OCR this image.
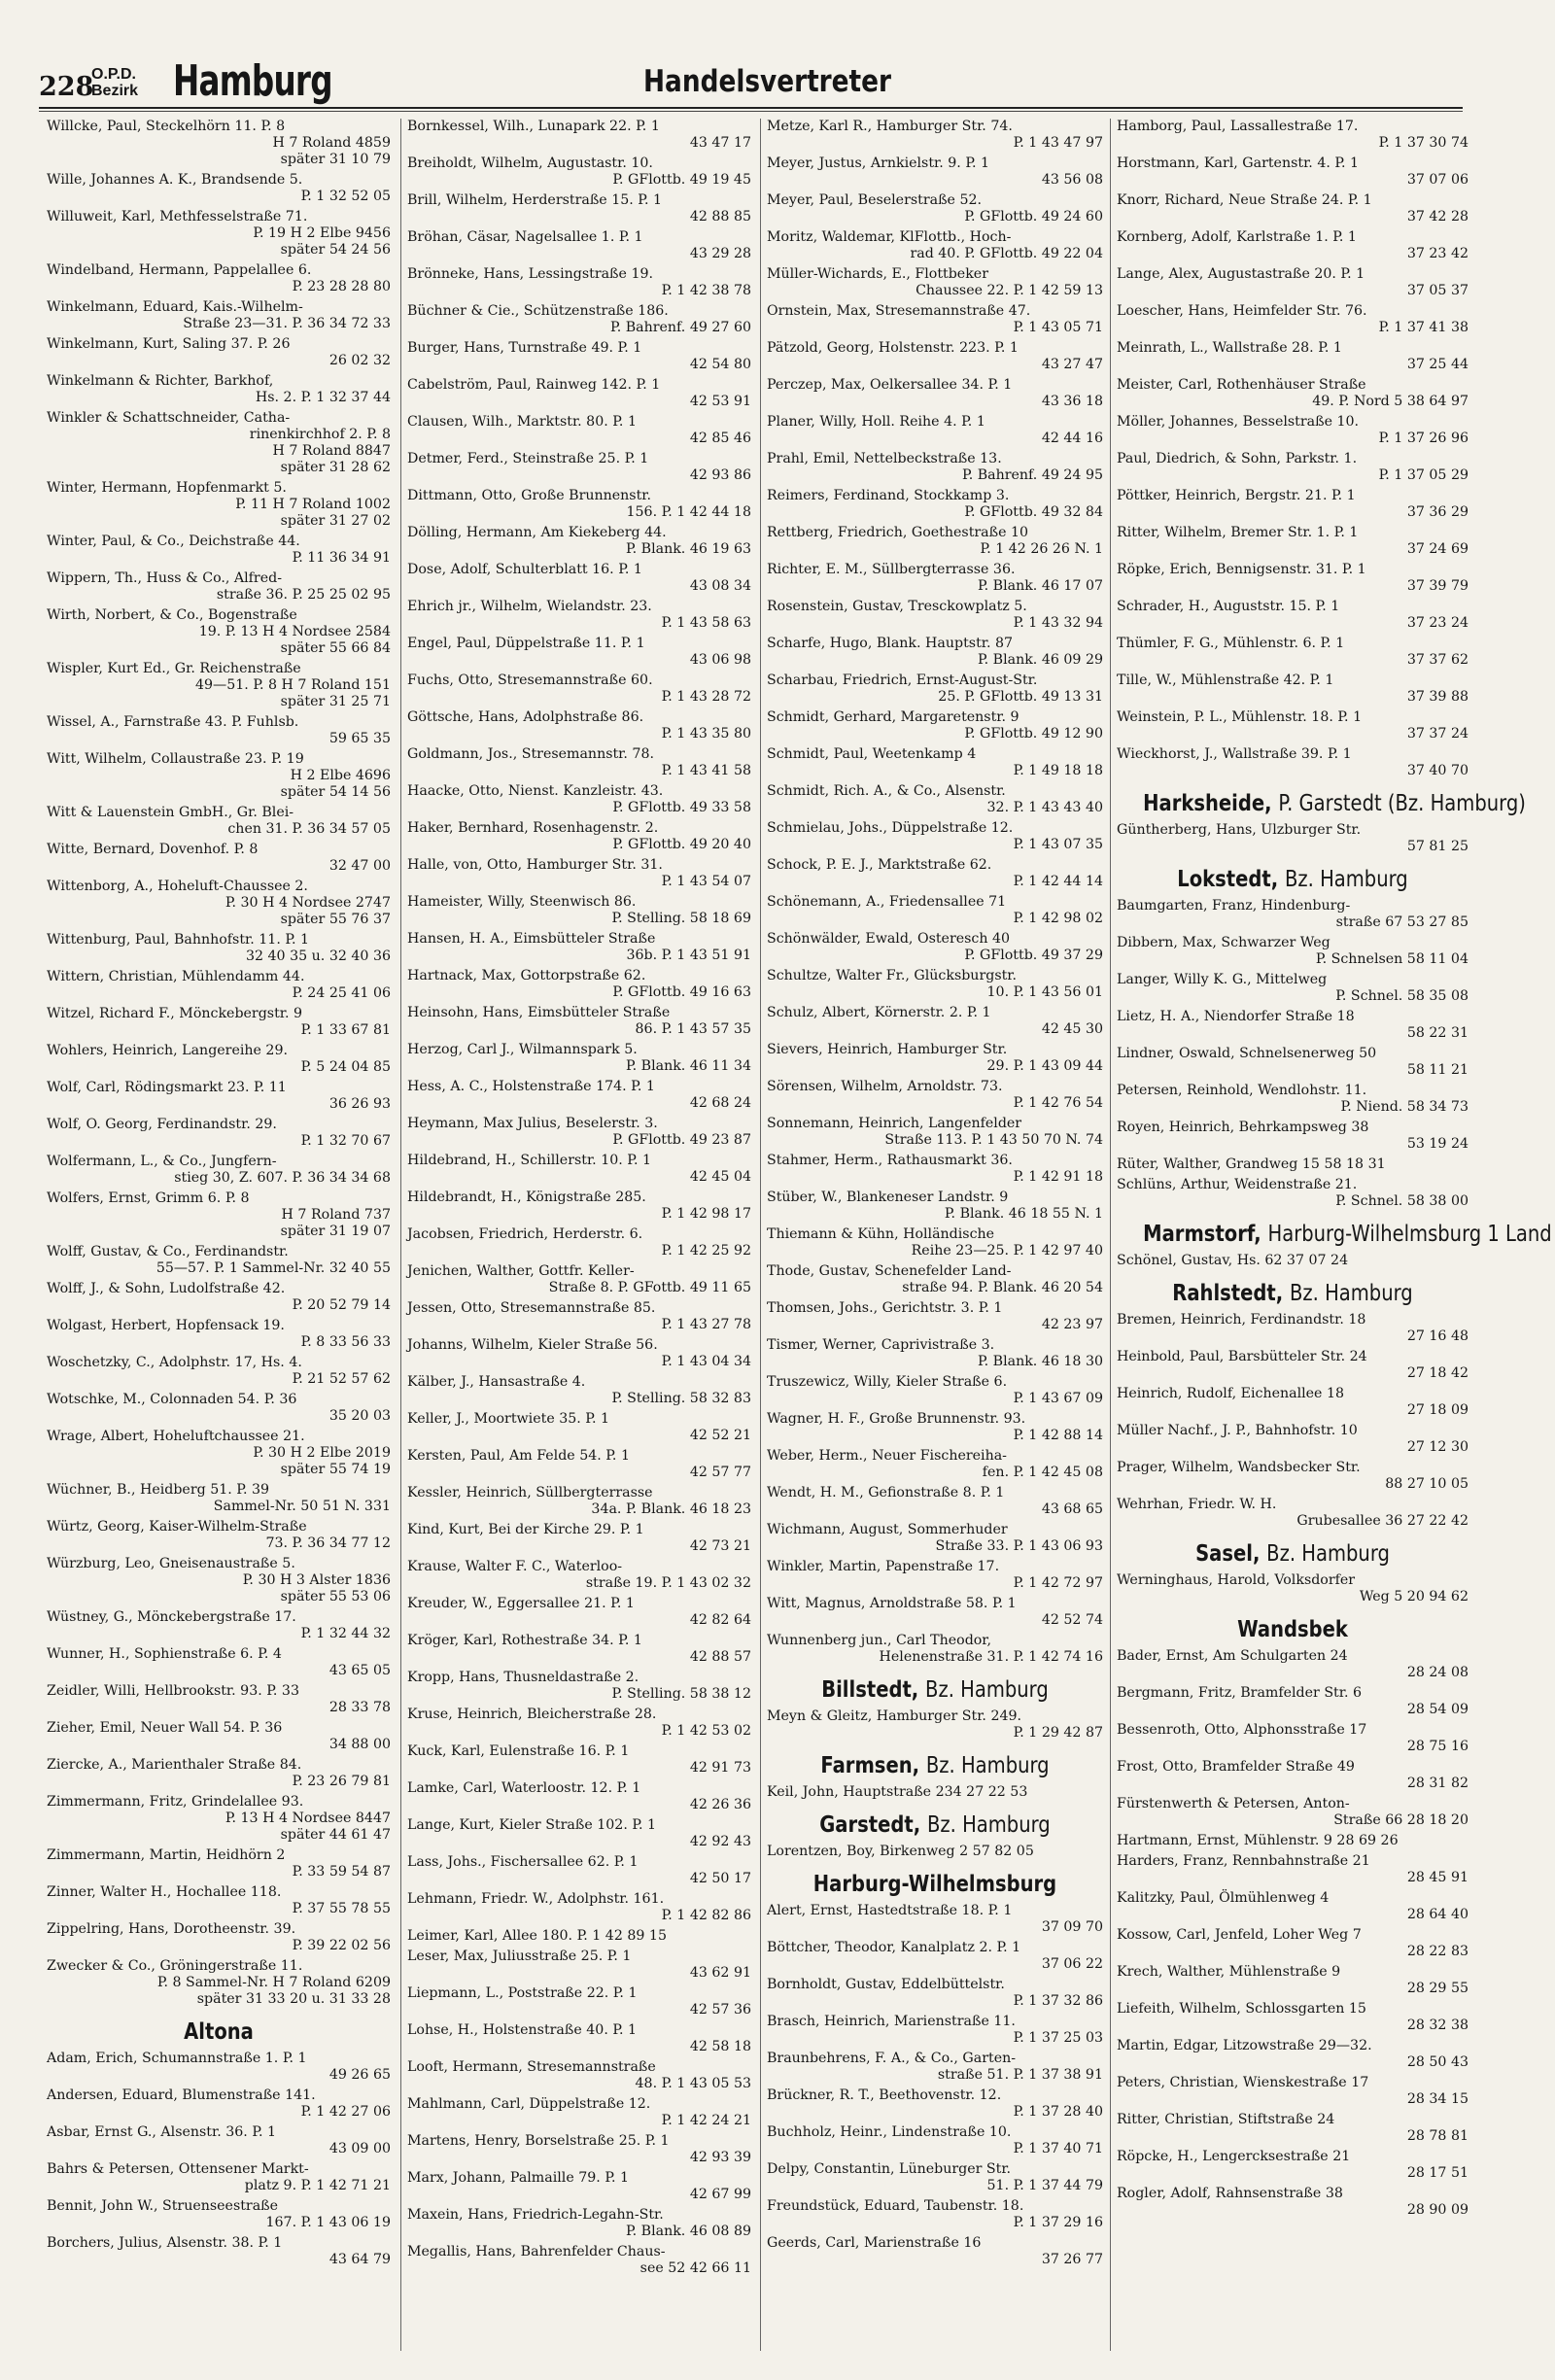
228
O.P.D.
Bezirk Hamburg	Handelsvertreter
Willcke, Paul, Steckelhörn 11. P. 8
H 7 Roland 4859
später 31 10 79
Wille, Johannes A. K., Brandsende 5.
P. 1 32 52 05
Willuweit, Karl, Methfesselstraße 71.
P. 19 H 2 Elbe 9456
später 54 24 56
Windelband, Hermann, Pappelallee 6.
P. 23 28 28 80
Winkelmann, Eduard, Kais.-Wilhelm-
Straße 23—31. P. 36 34 72 33
Winkelmann, Kurt, Saling 37. P. 26
26 02 32
Winkelmann & Richter, Barkhof,
Hs. 2. P. 1 32 37 44
Winkler & Schattschneider, Catha-
rinenkirchhof 2. P. 8
H 7 Roland 8847
später 31 28 62
Winter, Hermann, Hopfenmarkt 5.
P. 11 H 7 Roland 1002
später 31 27 02
Winter, Paul, & Co., Deichstraße 44.
P. 11 36 34 91
Wippern, Th., Huss & Co., Alfred-
straße 36. P. 25 25 02 95
Wirth, Norbert, & Co., Bogenstraße
19. P. 13 H 4 Nordsee 2584
später 55 66 84
Wispler, Kurt Ed., Gr. Reichenstraße
49—51. P. 8 H 7 Roland 151
später 31 25 71
Wissel, A., Farnstraße 43. P. Fuhlsb.
59 65 35
Witt, Wilhelm, Collaustraße 23. P. 19
H 2 Elbe 4696
später 54 14 56
Witt & Lauenstein GmbH., Gr. Blei-
chen 31. P. 36 34 57 05
Witte, Bernard, Dovenhof. P. 8
32 47 00
Wittenborg, A., Hoheluft-Chaussee 2.
P. 30 H 4 Nordsee 2747
später 55 76 37
Wittenburg, Paul, Bahnhofstr. 11. P. 1
32 40 35 u. 32 40 36
Wittern, Christian, Mühlendamm 44.
P. 24 25 41 06
Witzel, Richard F., Mönckebergstr. 9
P. 1 33 67 81
Wohlers, Heinrich, Langereihe 29.
P. 5 24 04 85
Wolf, Carl, Rödingsmarkt 23. P. 11
36 26 93
Wolf, O. Georg, Ferdinandstr. 29.
P. 1 32 70 67
Wolfermann, L., & Co., Jungfern-
stieg 30, Z. 607. P. 36 34 34 68
Wolfers, Ernst, Grimm 6. P. 8
H 7 Roland 737
später 31 19 07
Wolff, Gustav, & Co., Ferdinandstr.
55—57. P. 1 Sammel-Nr. 32 40 55
Wolff, J., & Sohn, Ludolfstraße 42.
P. 20 52 79 14
Wolgast, Herbert, Hopfensack 19.
P. 8 33 56 33
Woschetzky, C., Adolphstr. 17, Hs. 4.
P. 21 52 57 62
Wotschke, M., Colonnaden 54. P. 36
35 20 03
Wrage, Albert, Hoheluftchaussee 21.
P. 30 H 2 Elbe 2019
später 55 74 19
Wüchner, B., Heidberg 51. P. 39
Sammel-Nr. 50 51 N. 331
Würtz, Georg, Kaiser-Wilhelm-Straße
73. P. 36 34 77 12
Würzburg, Leo, Gneisenaustraße 5.
P. 30 H 3 Alster 1836
später 55 53 06
Wüstney, G., Mönckebergstraße 17.
P. 1 32 44 32
Wunner, H., Sophienstraße 6. P. 4
43 65 05
Zeidler, Willi, Hellbrookstr. 93. P. 33
28 33 78
Zieher, Emil, Neuer Wall 54. P. 36
34 88 00
Ziercke, A., Marienthaler Straße 84.
P. 23 26 79 81
Zimmermann, Fritz, Grindelallee 93.
P. 13 H 4 Nordsee 8447
später 44 61 47
Zimmermann, Martin, Heidhörn 2
P. 33 59 54 87
Zinner, Walter H., Hochallee 118.
P. 37 55 78 55
Zippelring, Hans, Dorotheenstr. 39.
P. 39 22 02 56
Zwecker & Co., Gröningerstraße 11.
P. 8 Sammel-Nr. H 7 Roland 6209
später 31 33 20 u. 31 33 28
Altona
Adam, Erich, Schumannstraße 1. P. 1
49 26 65
Andersen, Eduard, Blumenstraße 141.
P. 1 42 27 06
Asbar, Ernst G., Alsenstr. 36. P. 1
43 09 00
Bahrs & Petersen, Ottensener Markt-
platz 9. P. 1 42 71 21
Bennit, John W., Struenseestraße
167. P. 1 43 06 19
Borchers, Julius, Alsenstr. 38. P. 1
43 64 79
Bornkessel, Wilh., Lunapark 22. P. 1
43 47 17
Breiholdt, Wilhelm, Augustastr. 10.
P. GFlottb. 49 19 45
Brill, Wilhelm, Herderstraße 15. P. 1
42 88 85
Bröhan, Cäsar, Nagelsallee 1. P. 1
43 29 28
Brönneke, Hans, Lessingstraße 19.
P. 1 42 38 78
Büchner & Cie., Schützenstraße 186.
P. Bahrenf. 49 27 60
Burger, Hans, Turnstraße 49. P. 1
42 54 80
Cabelström, Paul, Rainweg 142. P. 1
42 53 91
Clausen, Wilh., Marktstr. 80. P. 1
42 85 46
Detmer, Ferd., Steinstraße 25. P. 1
42 93 86
Dittmann, Otto, Große Brunnenstr.
156. P. 1 42 44 18
Dölling, Hermann, Am Kiekeberg 44.
P. Blank. 46 19 63
Dose, Adolf, Schulterblatt 16. P. 1
43 08 34
Ehrich jr., Wilhelm, Wielandstr. 23.
P. 1 43 58 63
Engel, Paul, Düppelstraße 11. P. 1
43 06 98
Fuchs, Otto, Stresemannstraße 60.
P. 1 43 28 72
Göttsche, Hans, Adolphstraße 86.
P. 1 43 35 80
Goldmann, Jos., Stresemannstr. 78.
P. 1 43 41 58
Haacke, Otto, Nienst. Kanzleistr. 43.
P. GFlottb. 49 33 58
Haker, Bernhard, Rosenhagenstr. 2.
P. GFlottb. 49 20 40
Halle, von, Otto, Hamburger Str. 31.
P. 1 43 54 07
Hameister, Willy, Steenwisch 86.
P. Stelling. 58 18 69
Hansen, H. A., Eimsbütteler Straße
36b. P. 1 43 51 91
Hartnack, Max, Gottorpstraße 62.
P. GFlottb. 49 16 63
Heinsohn, Hans, Eimsbütteler Straße
86. P. 1 43 57 35
Herzog, Carl J., Wilmannspark 5.
P. Blank. 46 11 34
Hess, A. C., Holstenstraße 174. P. 1
42 68 24
Heymann, Max Julius, Beselerstr. 3.
P. GFlottb. 49 23 87
Hildebrand, H., Schillerstr. 10. P. 1
42 45 04
Hildebrandt, H., Königstraße 285.
P. 1 42 98 17
Jacobsen, Friedrich, Herderstr. 6.
P. 1 42 25 92
Jenichen, Walther, Gottfr. Keller-
Straße 8. P. GFottb. 49 11 65
Jessen, Otto, Stresemannstraße 85.
P. 1 43 27 78
Johanns, Wilhelm, Kieler Straße 56.
P. 1 43 04 34
Kälber, J., Hansastraße 4.
P. Stelling. 58 32 83
Keller, J., Moortwiete 35. P. 1
42 52 21
Kersten, Paul, Am Felde 54. P. 1
42 57 77
Kessler, Heinrich, Süllbergterrasse
34a. P. Blank. 46 18 23
Kind, Kurt, Bei der Kirche 29. P. 1
42 73 21
Krause, Walter F. C., Waterloo-
straße 19. P. 1 43 02 32
Kreuder, W., Eggersallee 21. P. 1
42 82 64
Kröger, Karl, Rothestraße 34. P. 1
42 88 57
Kropp, Hans, Thusneldastraße 2.
P. Stelling. 58 38 12
Kruse, Heinrich, Bleicherstraße 28.
P. 1 42 53 02
Kuck, Karl, Eulenstraße 16. P. 1
42 91 73
Lamke, Carl, Waterloostr. 12. P. 1
42 26 36
Lange, Kurt, Kieler Straße 102. P. 1
42 92 43
Lass, Johs., Fischersallee 62. P. 1
42 50 17
Lehmann, Friedr. W., Adolphstr. 161.
P. 1 42 82 86
Leimer, Karl, Allee 180. P. 1 42 89 15
Leser, Max, Juliusstraße 25. P. 1
43 62 91
Liepmann, L., Poststraße 22. P. 1
42 57 36
Lohse, H., Holstenstraße 40. P. 1
42 58 18
Looft, Hermann, Stresemannstraße
48. P. 1 43 05 53
Mahlmann, Carl, Düppelstraße 12.
P. 1 42 24 21
Martens, Henry, Borselstraße 25. P. 1
42 93 39
Marx, Johann, Palmaille 79. P. 1
42 67 99
Maxein, Hans, Friedrich-Legahn-Str.
P. Blank. 46 08 89
Megallis, Hans, Bahrenfelder Chaus-
see 52 42 66 11
Metze, Karl R., Hamburger Str. 74.
P. 1 43 47 97
Meyer, Justus, Arnkielstr. 9. P. 1
43 56 08
Meyer, Paul, Beselerstraße 52.
P. GFlottb. 49 24 60
Moritz, Waldemar, KlFlottb., Hoch-
rad 40. P. GFlottb. 49 22 04
Müller-Wichards, E., Flottbeker
Chaussee 22. P. 1 42 59 13
Ornstein, Max, Stresemannstraße 47.
P. 1 43 05 71
Pätzold, Georg, Holstenstr. 223. P. 1
43 27 47
Perczep, Max, Oelkersallee 34. P. 1
43 36 18
Planer, Willy, Holl. Reihe 4. P. 1
42 44 16
Prahl, Emil, Nettelbeckstraße 13.
P. Bahrenf. 49 24 95
Reimers, Ferdinand, Stockkamp 3.
P. GFlottb. 49 32 84
Rettberg, Friedrich, Goethestraße 10
P. 1 42 26 26 N. 1
Richter, E. M., Süllbergterrasse 36.
P. Blank. 46 17 07
Rosenstein, Gustav, Tresckowplatz 5.
P. 1 43 32 94
Scharfe, Hugo, Blank. Hauptstr. 87
P. Blank. 46 09 29
Scharbau, Friedrich, Ernst-August-Str.
25. P. GFlottb. 49 13 31
Schmidt, Gerhard, Margaretenstr. 9
P. GFlottb. 49 12 90
Schmidt, Paul, Weetenkamp 4
P. 1 49 18 18
Schmidt, Rich. A., & Co., Alsenstr.
32. P. 1 43 43 40
Schmielau, Johs., Düppelstraße 12.
P. 1 43 07 35
Schock, P. E. J., Marktstraße 62.
P. 1 42 44 14
Schönemann, A., Friedensallee 71
P. 1 42 98 02
Schönwälder, Ewald, Osteresch 40
P. GFlottb. 49 37 29
Schultze, Walter Fr., Glücksburgstr.
10. P. 1 43 56 01
Schulz, Albert, Körnerstr. 2. P. 1
42 45 30
Sievers, Heinrich, Hamburger Str.
29. P. 1 43 09 44
Sörensen, Wilhelm, Arnoldstr. 73.
P. 1 42 76 54
Sonnemann, Heinrich, Langenfelder
Straße 113. P. 1 43 50 70 N. 74
Stahmer, Herm., Rathausmarkt 36.
P. 1 42 91 18
Stüber, W., Blankeneser Landstr. 9
P. Blank. 46 18 55 N. 1
Thiemann & Kühn, Holländische
Reihe 23—25. P. 1 42 97 40
Thode, Gustav, Schenefelder Land-
straße 94. P. Blank. 46 20 54
Thomsen, Johs., Gerichtstr. 3. P. 1
42 23 97
Tismer, Werner, Caprivistraße 3.
P. Blank. 46 18 30
Truszewicz, Willy, Kieler Straße 6.
P. 1 43 67 09
Wagner, H. F., Große Brunnenstr. 93.
P. 1 42 88 14
Weber, Herm., Neuer Fischereiha-
fen. P. 1 42 45 08
Wendt, H. M., Gefionstraße 8. P. 1
43 68 65
Wichmann, August, Sommerhuder
Straße 33. P. 1 43 06 93
Winkler, Martin, Papenstraße 17.
P. 1 42 72 97
Witt, Magnus, Arnoldstraße 58. P. 1
42 52 74
Wunnenberg jun., Carl Theodor,
Helenenstraße 31. P. 1 42 74 16
Billstedt, Bz. Hamburg
Meyn & Gleitz, Hamburger Str. 249.
P. 1 29 42 87
Farmsen, Bz. Hamburg
Keil, John, Hauptstraße 234 27 22 53
Garstedt, Bz. Hamburg
Lorentzen, Boy, Birkenweg 2 57 82 05
Harburg-Wilhelmsburg
Alert, Ernst, Hastedtstraße 18. P. 1
37 09 70
Böttcher, Theodor, Kanalplatz 2. P. 1
37 06 22
Bornholdt, Gustav, Eddelbüttelstr.
P. 1 37 32 86
Brasch, Heinrich, Marienstraße 11.
P. 1 37 25 03
Braunbehrens, F. A., & Co., Garten-
straße 51. P. 1 37 38 91
Brückner, R. T., Beethovenstr. 12.
P. 1 37 28 40
Buchholz, Heinr., Lindenstraße 10.
P. 1 37 40 71
Delpy, Constantin, Lüneburger Str.
51. P. 1 37 44 79
Freundstück, Eduard, Taubenstr. 18.
P. 1 37 29 16
Geerds, Carl, Marienstraße 16
37 26 77
Hamborg, Paul, Lassallestraße 17.
P. 1 37 30 74
Horstmann, Karl, Gartenstr. 4. P. 1
37 07 06
Knorr, Richard, Neue Straße 24. P. 1
37 42 28
Kornberg, Adolf, Karlstraße 1. P. 1
37 23 42
Lange, Alex, Augustastraße 20. P. 1
37 05 37
Loescher, Hans, Heimfelder Str. 76.
P. 1 37 41 38
Meinrath, L., Wallstraße 28. P. 1
37 25 44
Meister, Carl, Rothenhäuser Straße
49. P. Nord 5 38 64 97
Möller, Johannes, Besselstraße 10.
P. 1 37 26 96
Paul, Diedrich, & Sohn, Parkstr. 1.
P. 1 37 05 29
Pöttker, Heinrich, Bergstr. 21. P. 1
37 36 29
Ritter, Wilhelm, Bremer Str. 1. P. 1
37 24 69
Röpke, Erich, Bennigsenstr. 31. P. 1
37 39 79
Schrader, H., Auguststr. 15. P. 1
37 23 24
Thümler, F. G., Mühlenstr. 6. P. 1
37 37 62
Tille, W., Mühlenstraße 42. P. 1
37 39 88
Weinstein, P. L., Mühlenstr. 18. P. 1
37 37 24
Wieckhorst, J., Wallstraße 39. P. 1
37 40 70
Harksheide, P. Garstedt (Bz. Hamburg)
Güntherberg, Hans, Ulzburger Str.
57 81 25
Lokstedt, Bz. Hamburg
Baumgarten, Franz, Hindenburg-
straße 67 53 27 85
Dibbern, Max, Schwarzer Weg
P. Schnelsen 58 11 04
Langer, Willy K. G., Mittelweg
P. Schnel. 58 35 08
Lietz, H. A., Niendorfer Straße 18
58 22 31
Lindner, Oswald, Schnelsenerweg 50
58 11 21
Petersen, Reinhold, Wendlohstr. 11.
P. Niend. 58 34 73
Royen, Heinrich, Behrkampsweg 38
53 19 24
Rüter, Walther, Grandweg 15 58 18 31
Schlüns, Arthur, Weidenstraße 21.
P. Schnel. 58 38 00
Marmstorf, Harburg-Wilhelmsburg 1 Land
Schönel, Gustav, Hs. 62 37 07 24
Rahlstedt, Bz. Hamburg
Bremen, Heinrich, Ferdinandstr. 18
27 16 48
Heinbold, Paul, Barsbütteler Str. 24
27 18 42
Heinrich, Rudolf, Eichenallee 18
27 18 09
Müller Nachf., J. P., Bahnhofstr. 10
27 12 30
Prager, Wilhelm, Wandsbecker Str.
88 27 10 05
Wehrhan, Friedr. W. H.
Grubesallee 36 27 22 42
Sasel, Bz. Hamburg
Werninghaus, Harold, Volksdorfer
Weg 5 20 94 62
Wandsbek
Bader, Ernst, Am Schulgarten 24
28 24 08
Bergmann, Fritz, Bramfelder Str. 6
28 54 09
Bessenroth, Otto, Alphonsstraße 17
28 75 16
Frost, Otto, Bramfelder Straße 49
28 31 82
Fürstenwerth & Petersen, Anton-
Straße 66 28 18 20
Hartmann, Ernst, Mühlenstr. 9 28 69 26
Harders, Franz, Rennbahnstraße 21
28 45 91
Kalitzky, Paul, Ölmühlenweg 4
28 64 40
Kossow, Carl, Jenfeld, Loher Weg 7
28 22 83
Krech, Walther, Mühlenstraße 9
28 29 55
Liefeith, Wilhelm, Schlossgarten 15
28 32 38
Martin, Edgar, Litzowstraße 29—32.
28 50 43
Peters, Christian, Wienskestraße 17
28 34 15
Ritter, Christian, Stiftstraße 24
28 78 81
Röpcke, H., Lengercksestraße 21
28 17 51
Rogler, Adolf, Rahnsenstraße 38
28 90 09
